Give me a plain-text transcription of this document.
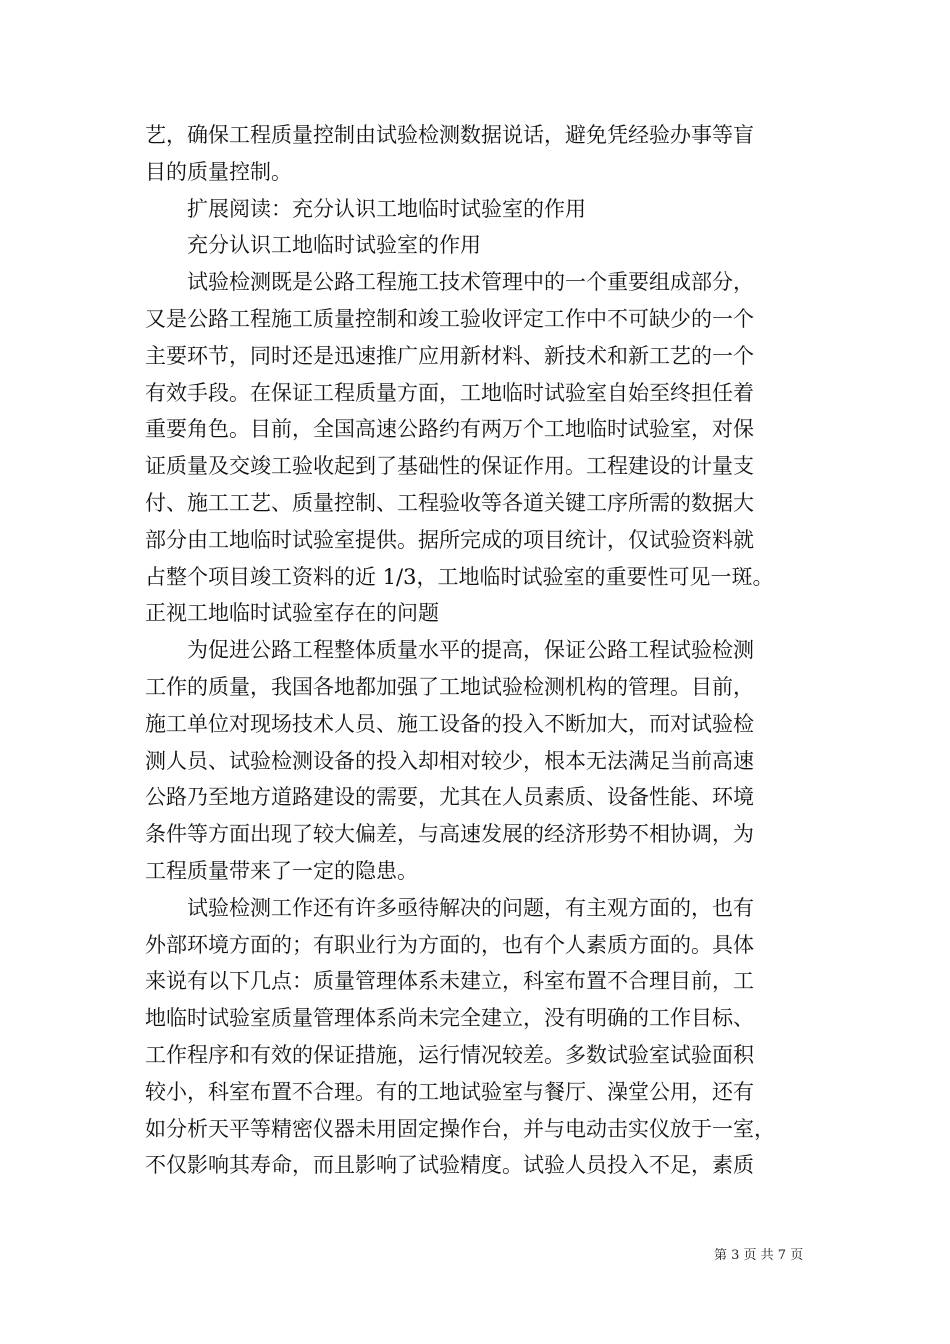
艺，确保工程质量控制由试验检测数据说话，避免凭经验办事等盲
目的质量控制。
　　扩展阅读：充分认识工地临时试验室的作用
　　充分认识工地临时试验室的作用
　　试验检测既是公路工程施工技术管理中的一个重要组成部分，
又是公路工程施工质量控制和竣工验收评定工作中不可缺少的一个
主要环节，同时还是迅速推广应用新材料、新技术和新工艺的一个
有效手段。在保证工程质量方面，工地临时试验室自始至终担任着
重要角色。目前，全国高速公路约有两万个工地临时试验室，对保
证质量及交竣工验收起到了基础性的保证作用。工程建设的计量支
付、施工工艺、质量控制、工程验收等各道关键工序所需的数据大
部分由工地临时试验室提供。据所完成的项目统计，仅试验资料就
占整个项目竣工资料的近 1/3，工地临时试验室的重要性可见一斑。
正视工地临时试验室存在的问题
　　为促进公路工程整体质量水平的提高，保证公路工程试验检测
工作的质量，我国各地都加强了工地试验检测机构的管理。目前，
施工单位对现场技术人员、施工设备的投入不断加大，而对试验检
测人员、试验检测设备的投入却相对较少，根本无法满足当前高速
公路乃至地方道路建设的需要，尤其在人员素质、设备性能、环境
条件等方面出现了较大偏差，与高速发展的经济形势不相协调，为
工程质量带来了一定的隐患。
　　试验检测工作还有许多亟待解决的问题，有主观方面的，也有
外部环境方面的；有职业行为方面的，也有个人素质方面的。具体
来说有以下几点：质量管理体系未建立，科室布置不合理目前，工
地临时试验室质量管理体系尚未完全建立，没有明确的工作目标、
工作程序和有效的保证措施，运行情况较差。多数试验室试验面积
较小，科室布置不合理。有的工地试验室与餐厅、澡堂公用，还有
如分析天平等精密仪器未用固定操作台，并与电动击实仪放于一室，
不仅影响其寿命，而且影响了试验精度。试验人员投入不足，素质
第 3 页 共 7 页
